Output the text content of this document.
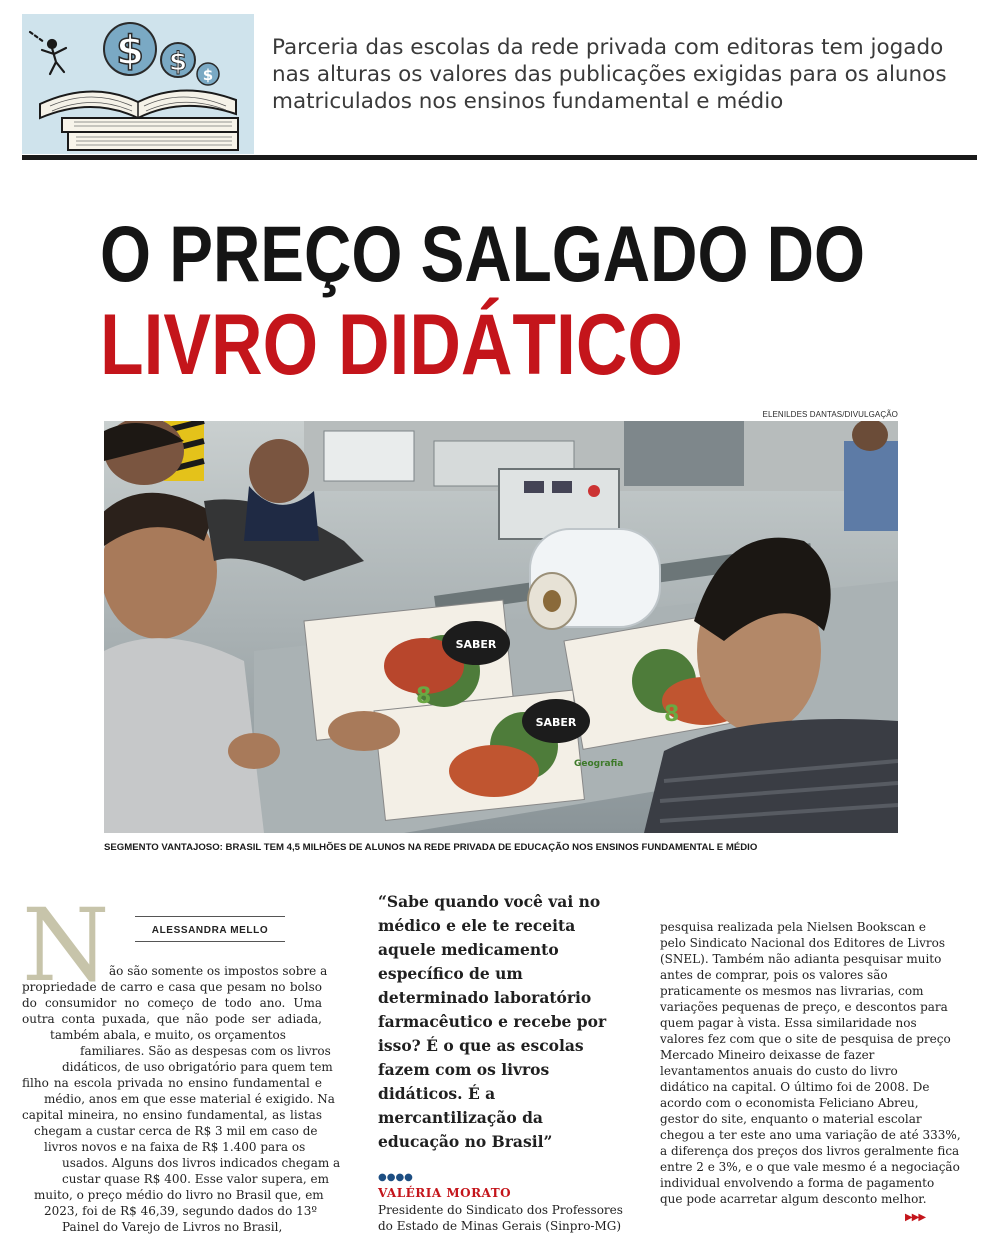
$ $ $
Parceria das escolas da rede privada com editoras tem jogado
nas alturas os valores das publicações exigidas para os alunos
matriculados nos ensinos fundamental e médio
O PREÇO SALGADO DO
LIVRO DIDÁTICO
ELENILDES DANTAS/DIVULGAÇÃO
SABER
SABER
8
8
Geografia
SEGMENTO VANTAJOSO: BRASIL TEM 4,5 MILHÕES DE ALUNOS NA REDE PRIVADA DE EDUCAÇÃO NOS ENSINOS FUNDAMENTAL E MÉDIO
N	ALESSANDRA MELLO
ão são somente os impostos sobre a
propriedade de carro e casa que pesam no bolso
do consumidor no começo de todo ano. Uma
outra conta puxada, que não pode ser adiada,
também abala, e muito, os orçamentos
familiares. São as despesas com os livros
didáticos, de uso obrigatório para quem tem
filho na escola privada no ensino fundamental e
médio, anos em que esse material é exigido. Na
capital mineira, no ensino fundamental, as listas
chegam a custar cerca de R$ 3 mil em caso de
livros novos e na faixa de R$ 1.400 para os
usados. Alguns dos livros indicados chegam a
custar quase R$ 400. Esse valor supera, em
muito, o preço médio do livro no Brasil que, em
2023, foi de R$ 46,39, segundo dados do 13º
Painel do Varejo de Livros no Brasil,
“Sabe quando você vai no
médico e ele te receita
aquele medicamento
específico de um
determinado laboratório
farmacêutico e recebe por
isso? É o que as escolas
fazem com os livros
didáticos. É a
mercantilização da
educação no Brasil”
●●●●
VALÉRIA MORATO
Presidente do Sindicato dos Professores
do Estado de Minas Gerais (Sinpro-MG)
pesquisa realizada pela Nielsen Bookscan e
pelo Sindicato Nacional dos Editores de Livros
(SNEL). Também não adianta pesquisar muito
antes de comprar, pois os valores são
praticamente os mesmos nas livrarias, com
variações pequenas de preço, e descontos para
quem pagar à vista. Essa similaridade nos
valores fez com que o site de pesquisa de preço
Mercado Mineiro deixasse de fazer
levantamentos anuais do custo do livro
didático na capital. O último foi de 2008. De
acordo com o economista Feliciano Abreu,
gestor do site, enquanto o material escolar
chegou a ter este ano uma variação de até 333%,
a diferença dos preços dos livros geralmente fica
entre 2 e 3%, e o que vale mesmo é a negociação
individual envolvendo a forma de pagamento
que pode acarretar algum desconto melhor.
▶▶▶
